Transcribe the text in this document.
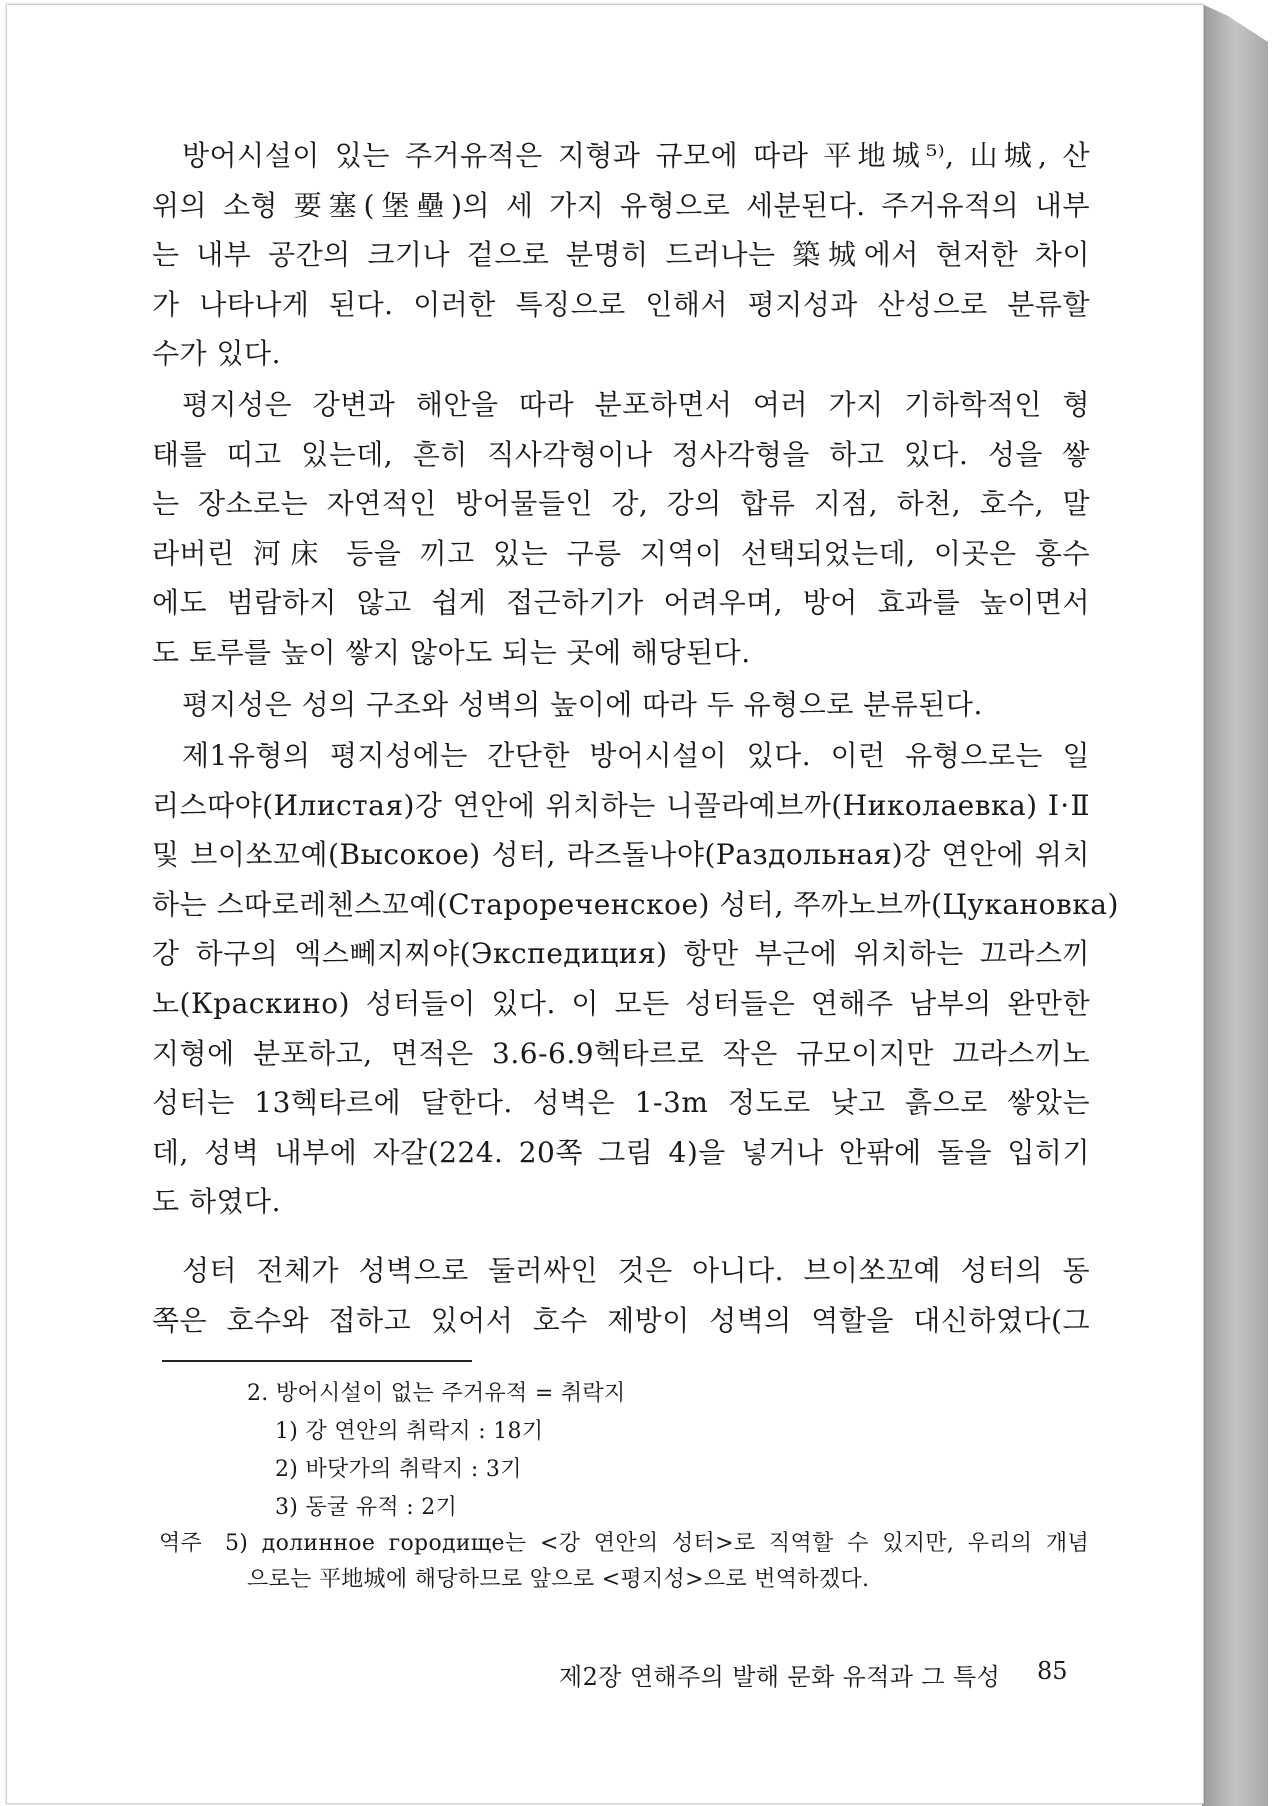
방어시설이 있는 주거유적은 지형과 규모에 따라 平地城⁵⁾, 山城, 산
위의 소형 要塞(堡壘)의 세 가지 유형으로 세분된다. 주거유적의 내부
는 내부 공간의 크기나 겉으로 분명히 드러나는 築城에서 현저한 차이
가 나타나게 된다. 이러한 특징으로 인해서 평지성과 산성으로 분류할
수가 있다.
평지성은 강변과 해안을 따라 분포하면서 여러 가지 기하학적인 형
태를 띠고 있는데, 흔히 직사각형이나 정사각형을 하고 있다. 성을 쌓
는 장소로는 자연적인 방어물들인 강, 강의 합류 지점, 하천, 호수, 말
라버린 河床 등을 끼고 있는 구릉 지역이 선택되었는데, 이곳은 홍수
에도 범람하지 않고 쉽게 접근하기가 어려우며, 방어 효과를 높이면서
도 토루를 높이 쌓지 않아도 되는 곳에 해당된다.
평지성은 성의 구조와 성벽의 높이에 따라 두 유형으로 분류된다.
제1유형의 평지성에는 간단한 방어시설이 있다. 이런 유형으로는 일
리스따야(Илистая)강 연안에 위치하는 니꼴라예브까(Николаевка) Ⅰ·Ⅱ
및 브이쏘꼬예(Высокое) 성터, 라즈돌나야(Раздольная)강 연안에 위치
하는 스따로레첸스꼬예(Старореченское) 성터, 쭈까노브까(Цукановка)
강 하구의 엑스뻬지찌야(Экспедиция) 항만 부근에 위치하는 끄라스끼
노(Краскино) 성터들이 있다. 이 모든 성터들은 연해주 남부의 완만한
지형에 분포하고, 면적은 3.6-6.9헥타르로 작은 규모이지만 끄라스끼노
성터는 13헥타르에 달한다. 성벽은 1-3m 정도로 낮고 흙으로 쌓았는
데, 성벽 내부에 자갈(224. 20쪽 그림 4)을 넣거나 안팎에 돌을 입히기
도 하였다.
성터 전체가 성벽으로 둘러싸인 것은 아니다. 브이쏘꼬예 성터의 동
쪽은 호수와 접하고 있어서 호수 제방이 성벽의 역할을 대신하였다(그
2. 방어시설이 없는 주거유적 = 취락지
1) 강 연안의 취락지 : 18기
2) 바닷가의 취락지 : 3기
3) 동굴 유적 : 2기
역주 5) долинное городище는 <강 연안의 성터>로 직역할 수 있지만, 우리의 개념
으로는 平地城에 해당하므로 앞으로 <평지성>으로 번역하겠다.
제2장 연해주의 발해 문화 유적과 그 특성 85
